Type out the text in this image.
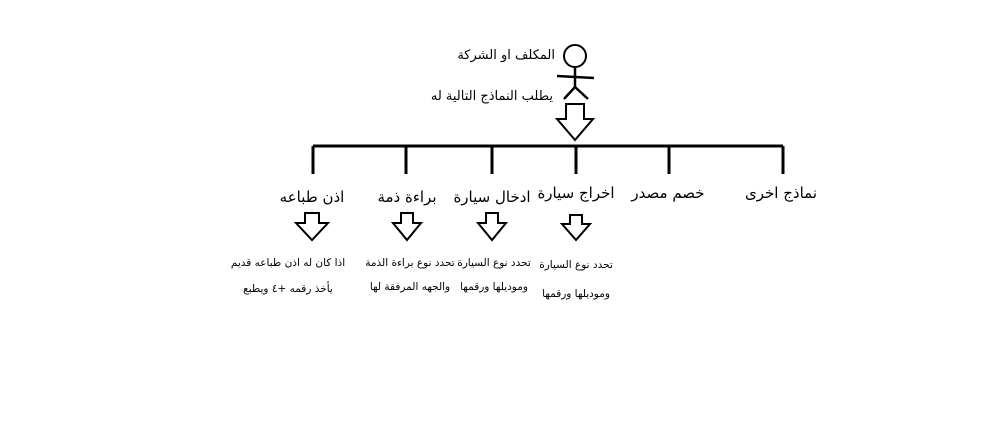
المكلف او الشركة
يطلب النماذج التالية له
اخراج سيارة
تحدد نوع السيارة
وموديلها ورقمها
ادخال سيارة
تحدد نوع السيارة
وموديلها ورقمها
براءة ذمة
تحدد نوع براءة الذمة
والجهه المرفقة لها
اذن طباعه
اذا كان له اذن طباعه قديم
يأخذ رقمه +٤ ويطبع
خصم مصدر	نماذج اخرى
